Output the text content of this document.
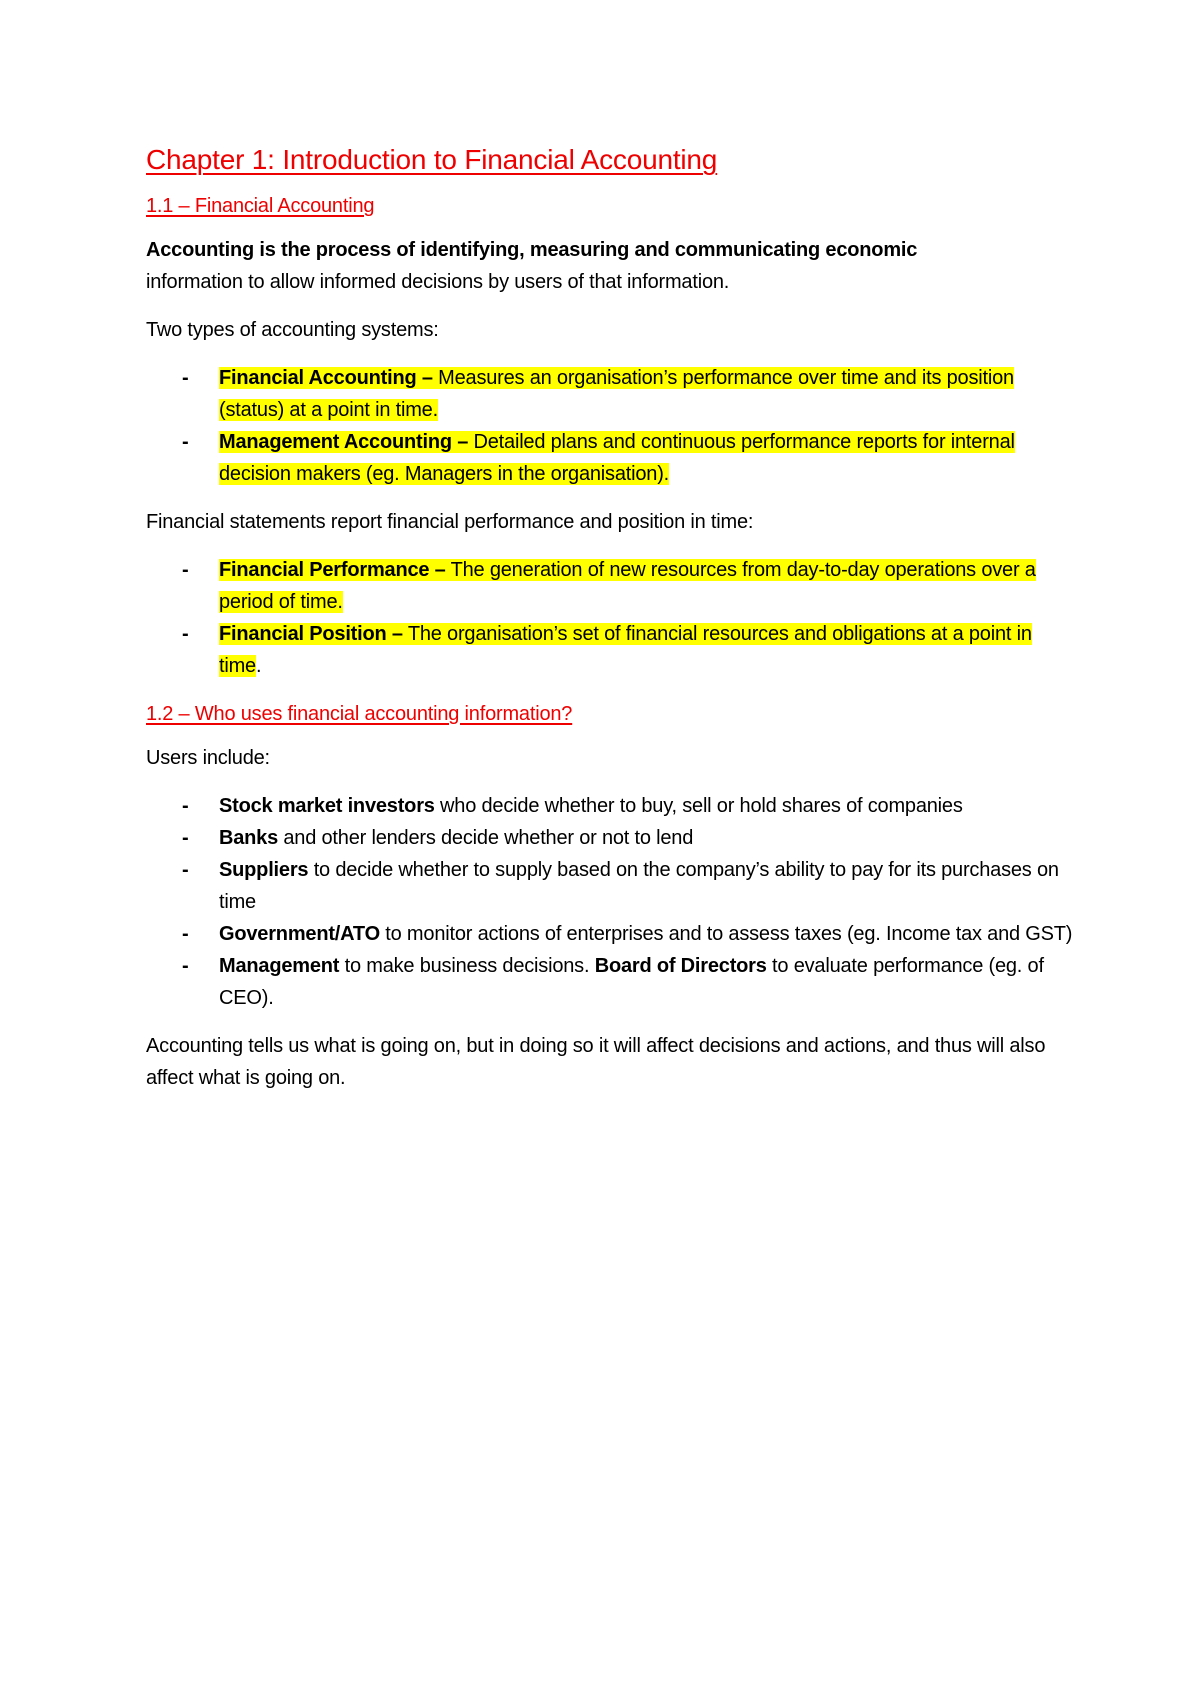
Chapter 1: Introduction to Financial Accounting
1.1 – Financial Accounting

Accounting is the process of identifying, measuring and communicating economic
information to allow informed decisions by users of that information.

Two types of accounting systems:

- Financial Accounting – Measures an organisation’s performance over time and its position (status) at a point in time.
- Management Accounting – Detailed plans and continuous performance reports for internal decision makers (eg. Managers in the organisation).

Financial statements report financial performance and position in time:

- Financial Performance – The generation of new resources from day-to-day operations over a period of time.
- Financial Position – The organisation’s set of financial resources and obligations at a point in time.
1.2 – Who uses financial accounting information?

Users include:

- Stock market investors who decide whether to buy, sell or hold shares of companies
- Banks and other lenders decide whether or not to lend
- Suppliers to decide whether to supply based on the company’s ability to pay for its purchases on time
- Government/ATO to monitor actions of enterprises and to assess taxes (eg. Income tax and GST)
- Management to make business decisions. Board of Directors to evaluate performance (eg. of CEO).

Accounting tells us what is going on, but in doing so it will affect decisions and actions, and thus will also affect what is going on.
